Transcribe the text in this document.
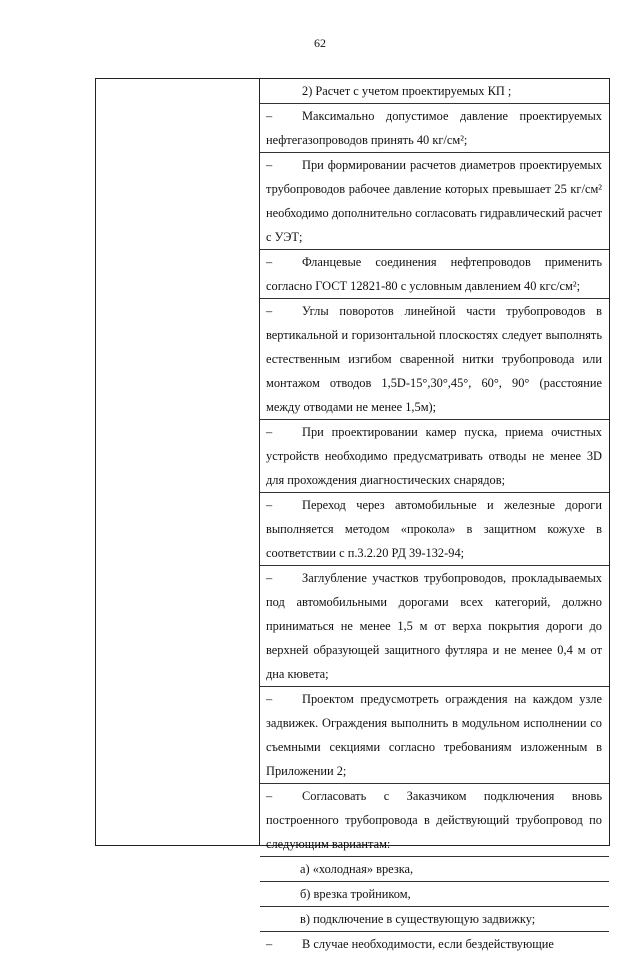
62
2) Расчет с учетом проектируемых КП ;
– Максимально допустимое давление проектируемых нефтегазопроводов принять 40 кг/см²;
– При формировании расчетов диаметров проектируемых трубопроводов рабочее давление которых превышает 25 кг/см² необходимо дополнительно согласовать гидравлический расчет с УЭТ;
– Фланцевые соединения нефтепроводов применить согласно ГОСТ 12821-80 с условным давлением 40 кгс/см²;
– Углы поворотов линейной части трубопроводов в вертикальной и горизонтальной плоскостях следует выполнять естественным изгибом сваренной нитки трубопровода или монтажом отводов 1,5D-15°,30°,45°, 60°, 90° (расстояние между отводами не менее 1,5м);
– При проектировании камер пуска, приема очистных устройств необходимо предусматривать отводы не менее 3D для прохождения диагностических снарядов;
– Переход через автомобильные и железные дороги выполняется методом «прокола» в защитном кожухе в соответствии с п.3.2.20 РД 39-132-94;
– Заглубление участков трубопроводов, прокладываемых под автомобильными дорогами всех категорий, должно приниматься не менее 1,5 м от верха покрытия дороги до верхней образующей защитного футляра и не менее 0,4 м от дна кювета;
– Проектом предусмотреть ограждения на каждом узле задвижек. Ограждения выполнить в модульном исполнении со съемными секциями согласно требованиям изложенным в Приложении 2;
– Согласовать с Заказчиком подключения вновь построенного трубопровода в действующий трубопровод по следующим вариантам:
а) «холодная» врезка,
б) врезка тройником,
в) подключение в существующую задвижку;
– В случае необходимости, если бездействующие
